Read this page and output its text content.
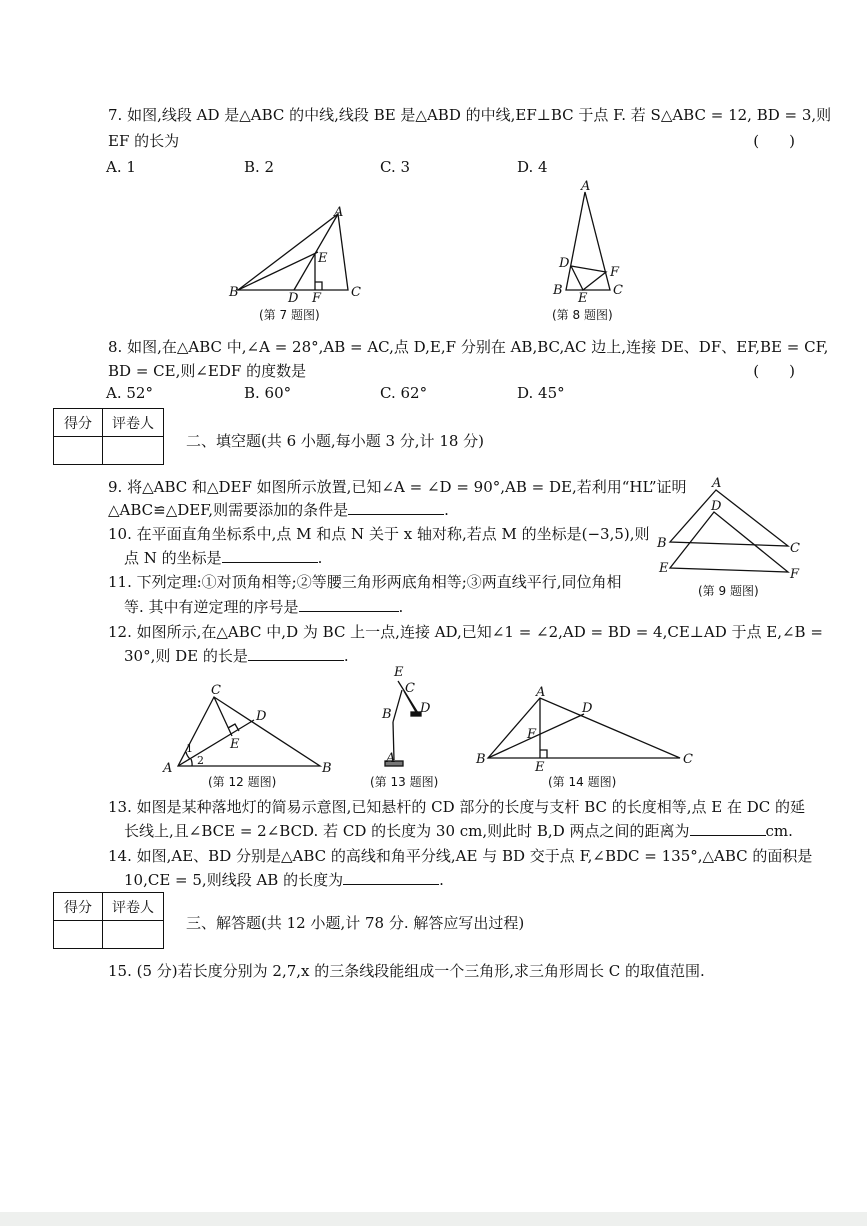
7. 如图,线段 AD 是△ABC 的中线,线段 BE 是△ABD 的中线,EF⊥BC 于点 F. 若 S△ABC = 12, BD = 3,则
EF 的长为	(　　)
A. 1	B. 2	C. 3	D. 4
A
B	C
D
E
F
A
B	C
D
E
F
A
D
B	C
E	F
C
D
E
A	B
1
2
E
C
B D
A
A
D
F
B
E
C
(第 7 题图)	(第 8 题图)
8. 如图,在△ABC 中,∠A = 28°,AB = AC,点 D,E,F 分别在 AB,BC,AC 边上,连接 DE、DF、EF,BE = CF,
BD = CE,则∠EDF 的度数是	(　　)
A. 52°	B. 60°	C. 62°	D. 45°
得分	评卷人

二、填空题(共 6 小题,每小题 3 分,计 18 分)
9. 将△ABC 和△DEF 如图所示放置,已知∠A = ∠D = 90°,AB = DE,若利用“HL”证明
△ABC≌△DEF,则需要添加的条件是	.
(第 9 题图)
10. 在平面直角坐标系中,点 M 和点 N 关于 x 轴对称,若点 M 的坐标是(−3,5),则
点 N 的坐标是	.
11. 下列定理:①对顶角相等;②等腰三角形两底角相等;③两直线平行,同位角相
等. 其中有逆定理的序号是	.
12. 如图所示,在△ABC 中,D 为 BC 上一点,连接 AD,已知∠1 = ∠2,AD = BD = 4,CE⊥AD 于点 E,∠B =
30°,则 DE 的长是	.
(第 12 题图)	(第 13 题图)	(第 14 题图)
13. 如图是某种落地灯的简易示意图,已知悬杆的 CD 部分的长度与支杆 BC 的长度相等,点 E 在 DC 的延
长线上,且∠BCE = 2∠BCD. 若 CD 的长度为 30 cm,则此时 B,D 两点之间的距离为	cm.
14. 如图,AE、BD 分别是△ABC 的高线和角平分线,AE 与 BD 交于点 F,∠BDC = 135°,△ABC 的面积是
10,CE = 5,则线段 AB 的长度为	.
得分	评卷人

三、解答题(共 12 小题,计 78 分. 解答应写出过程)
15. (5 分)若长度分别为 2,7,x 的三条线段能组成一个三角形,求三角形周长 C 的取值范围.
